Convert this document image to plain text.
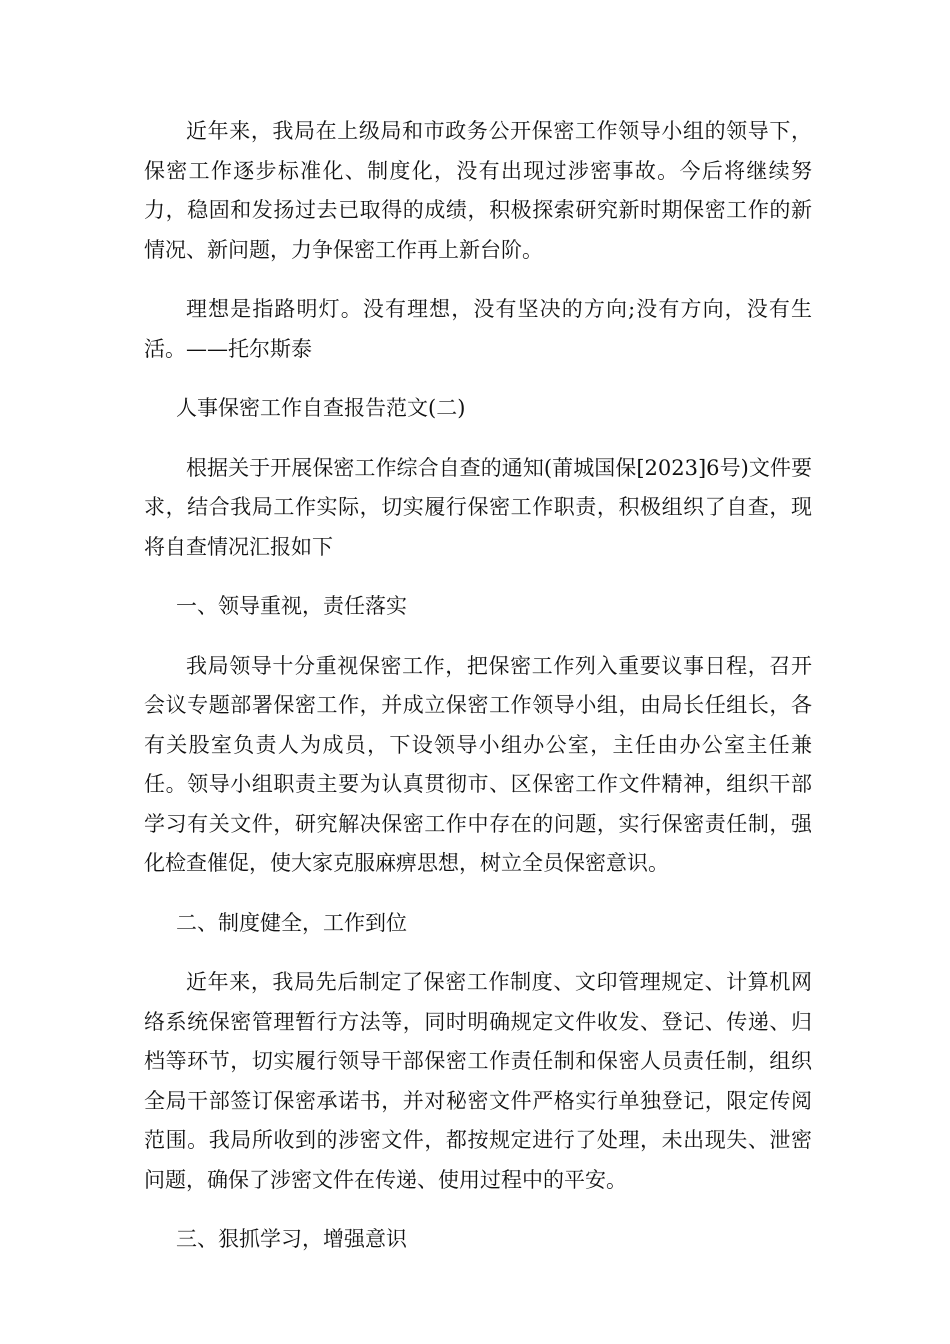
近年来，我局在上级局和市政务公开保密工作领导小组的领导下，保密工作逐步标准化、制度化，没有出现过涉密事故。今后将继续努力，稳固和发扬过去已取得的成绩，积极探索研究新时期保密工作的新情况、新问题，力争保密工作再上新台阶。

理想是指路明灯。没有理想，没有坚决的方向;没有方向，没有生活。——托尔斯泰

人事保密工作自查报告范文(二)

根据关于开展保密工作综合自查的通知(莆城国保[2023]6号)文件要求，结合我局工作实际，切实履行保密工作职责，积极组织了自查，现将自查情况汇报如下

一、领导重视，责任落实

我局领导十分重视保密工作，把保密工作列入重要议事日程，召开会议专题部署保密工作，并成立保密工作领导小组，由局长任组长，各有关股室负责人为成员，下设领导小组办公室，主任由办公室主任兼任。领导小组职责主要为认真贯彻市、区保密工作文件精神，组织干部学习有关文件，研究解决保密工作中存在的问题，实行保密责任制，强化检查催促，使大家克服麻痹思想，树立全员保密意识。

二、制度健全，工作到位

近年来，我局先后制定了保密工作制度、文印管理规定、计算机网络系统保密管理暂行方法等，同时明确规定文件收发、登记、传递、归档等环节，切实履行领导干部保密工作责任制和保密人员责任制，组织全局干部签订保密承诺书，并对秘密文件严格实行单独登记，限定传阅范围。我局所收到的涉密文件，都按规定进行了处理，未出现失、泄密问题，确保了涉密文件在传递、使用过程中的平安。

三、狠抓学习，增强意识
